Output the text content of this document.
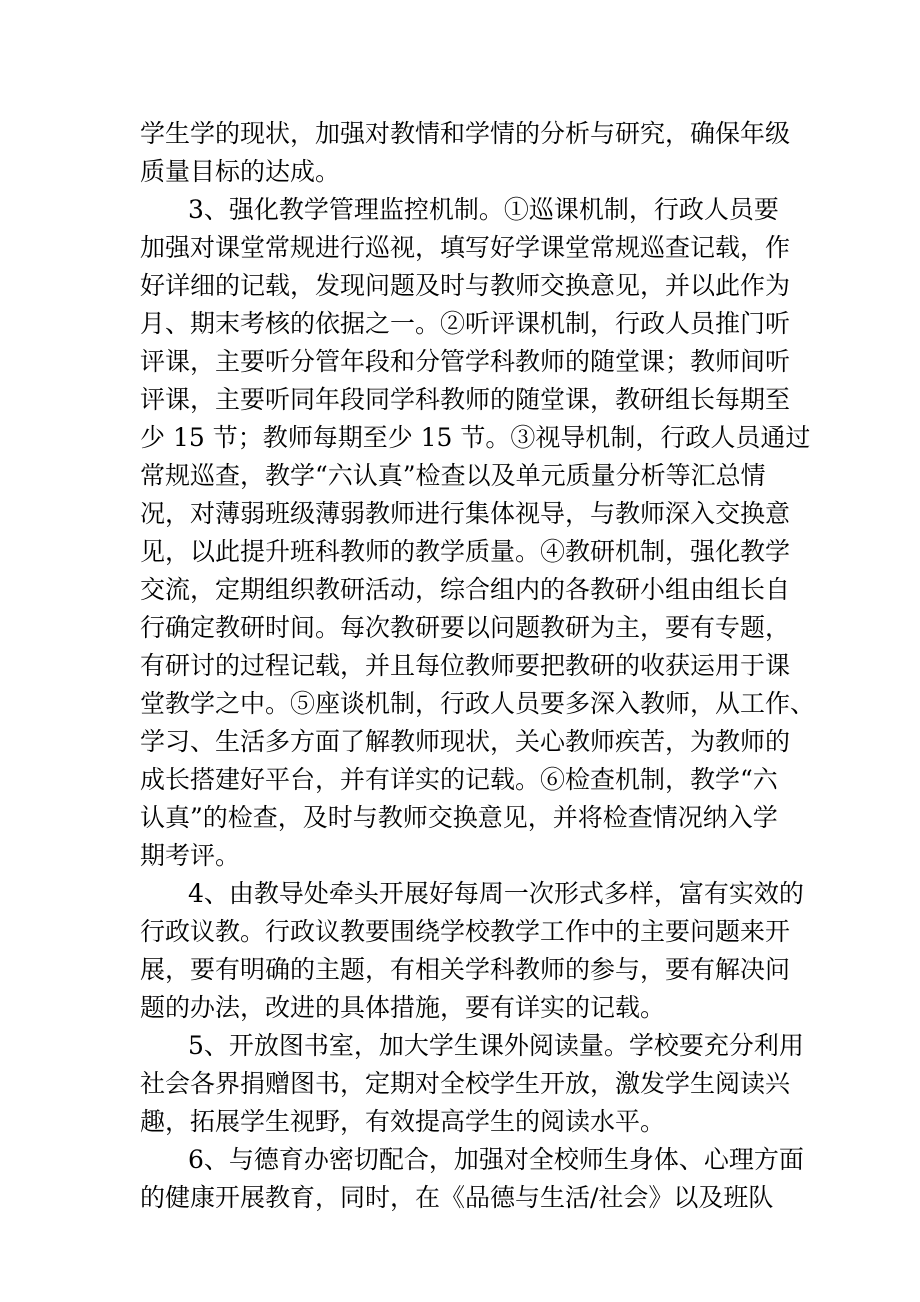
学生学的现状，加强对教情和学情的分析与研究，确保年级

质量目标的达成。

3、强化教学管理监控机制。①巡课机制，行政人员要

加强对课堂常规进行巡视，填写好学课堂常规巡查记载，作

好详细的记载，发现问题及时与教师交换意见，并以此作为

月、期末考核的依据之一。②听评课机制，行政人员推门听

评课，主要听分管年段和分管学科教师的随堂课；教师间听

评课，主要听同年段同学科教师的随堂课，教研组长每期至

少 15 节；教师每期至少 15 节。③视导机制，行政人员通过

常规巡查，教学“六认真”检查以及单元质量分析等汇总情

况，对薄弱班级薄弱教师进行集体视导，与教师深入交换意

见，以此提升班科教师的教学质量。④教研机制，强化教学

交流，定期组织教研活动，综合组内的各教研小组由组长自

行确定教研时间。每次教研要以问题教研为主，要有专题，

有研讨的过程记载，并且每位教师要把教研的收获运用于课

堂教学之中。⑤座谈机制，行政人员要多深入教师，从工作、

学习、生活多方面了解教师现状，关心教师疾苦，为教师的

成长搭建好平台，并有详实的记载。⑥检查机制，教学“六

认真”的检查，及时与教师交换意见，并将检查情况纳入学

期考评。

4、由教导处牵头开展好每周一次形式多样，富有实效的

行政议教。行政议教要围绕学校教学工作中的主要问题来开

展，要有明确的主题，有相关学科教师的参与，要有解决问

题的办法，改进的具体措施，要有详实的记载。

5、开放图书室，加大学生课外阅读量。学校要充分利用

社会各界捐赠图书，定期对全校学生开放，激发学生阅读兴

趣，拓展学生视野，有效提高学生的阅读水平。

6、与德育办密切配合，加强对全校师生身体、心理方面

的健康开展教育，同时，在《品德与生活/社会》以及班队
